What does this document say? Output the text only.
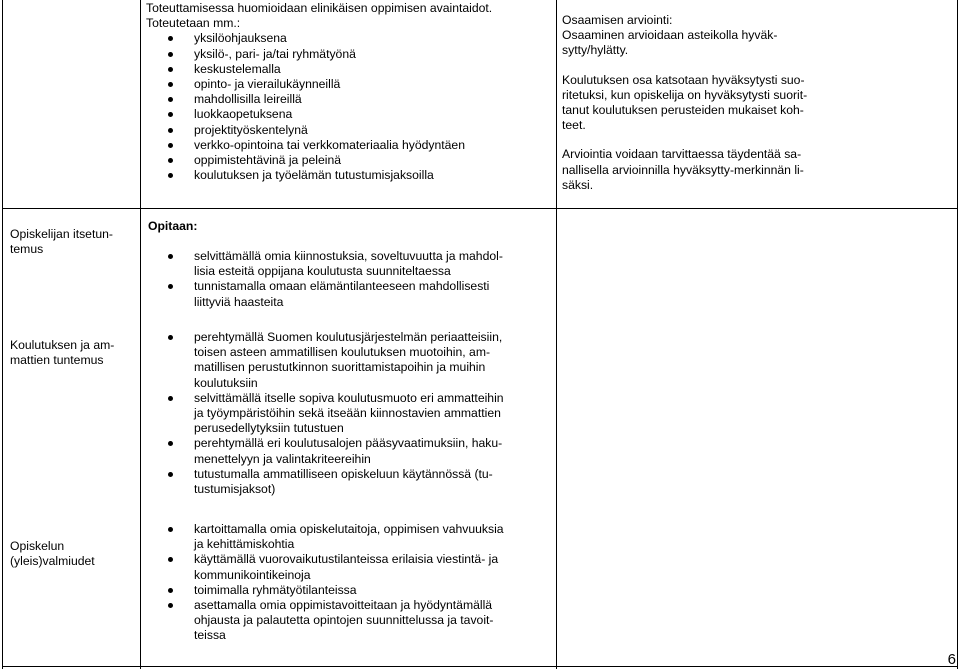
Toteuttamisessa huomioidaan elinikäisen oppimisen avaintaidot.
Toteutetaan mm.:
yksilöohjauksena
yksilö-, pari- ja/tai ryhmätyönä
keskustelemalla
opinto- ja vierailukäynneillä
mahdollisilla leireillä
luokkaopetuksena
projektityöskentelynä
verkko-opintoina tai verkkomateriaalia hyödyntäen
oppimistehtävinä ja peleinä
koulutuksen ja työelämän tutustumisjaksoilla
Osaamisen arviointi:
Osaaminen arvioidaan asteikolla hyväk-
sytty/hylätty.
Koulutuksen osa katsotaan hyväksytysti suo-
ritetuksi, kun opiskelija on hyväksytysti suorit-
tanut koulutuksen perusteiden mukaiset koh-
teet.
Arviointia voidaan tarvittaessa täydentää sa-
nallisella arvioinnilla hyväksytty-merkinnän li-
säksi.
Opiskelijan itsetun-
temus
Opitaan:
selvittämällä omia kiinnostuksia, soveltuvuutta ja mahdol-
lisia esteitä oppijana koulutusta suunniteltaessa
tunnistamalla omaan elämäntilanteeseen mahdollisesti
liittyviä haasteita
Koulutuksen ja am-
mattien tuntemus
perehtymällä Suomen koulutusjärjestelmän periaatteisiin,
toisen asteen ammatillisen koulutuksen muotoihin, am-
matillisen perustutkinnon suorittamistapoihin ja muihin
koulutuksiin
selvittämällä itselle sopiva koulutusmuoto eri ammatteihin
ja työympäristöihin sekä itseään kiinnostavien ammattien
perusedellytyksiin tutustuen
perehtymällä eri koulutusalojen pääsyvaatimuksiin, haku-
menettelyyn ja valintakriteereihin
tutustumalla ammatilliseen opiskeluun käytännössä (tu-
tustumisjaksot)
Opiskelun
(yleis)valmiudet
kartoittamalla omia opiskelutaitoja, oppimisen vahvuuksia
ja kehittämiskohtia
käyttämällä vuorovaikutustilanteissa erilaisia viestintä- ja
kommunikointikeinoja
toimimalla ryhmätyötilanteissa
asettamalla omia oppimistavoitteitaan ja hyödyntämällä
ohjausta ja palautetta opintojen suunnittelussa ja tavoit-
teissa
6
